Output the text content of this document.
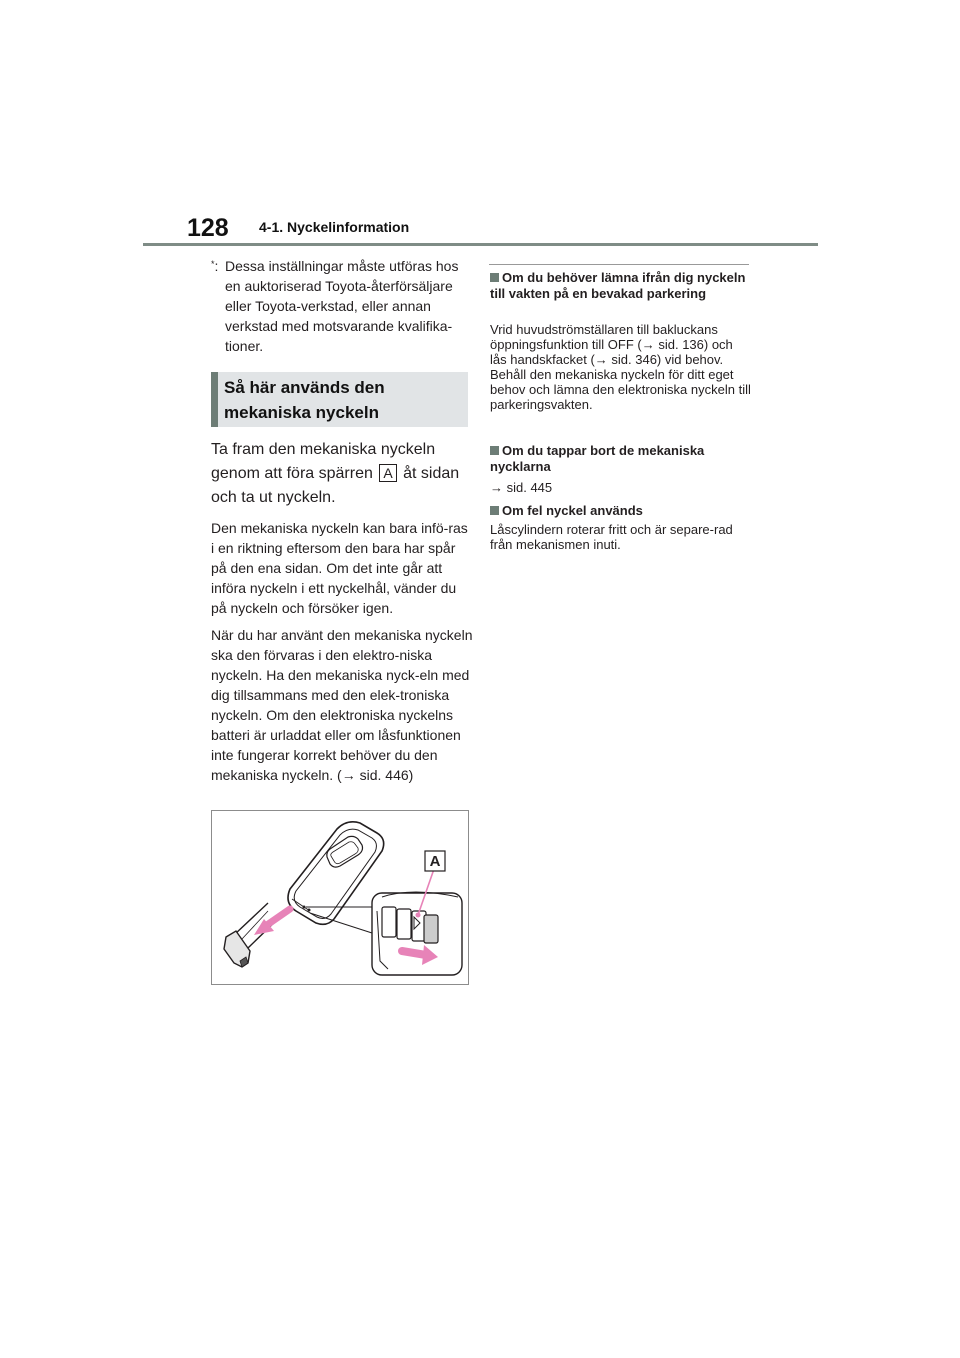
128 4-1. Nyckelinformation
*: Dessa inställningar måste utföras hos en auktoriserad Toyota-återförsäljare eller Toyota-verkstad, eller annan verkstad med motsvarande kvalifika-tioner.
Så här används den mekaniska nyckeln
Ta fram den mekaniska nyckeln genom att föra spärren A åt sidan och ta ut nyckeln.
Den mekaniska nyckeln kan bara infö-ras i en riktning eftersom den bara har spår på den ena sidan. Om det inte går att införa nyckeln i ett nyckelhål, vänder du på nyckeln och försöker igen.
När du har använt den mekaniska nyckeln ska den förvaras i den elektro-niska nyckeln. Ha den mekaniska nyck-eln med dig tillsammans med den elek-troniska nyckeln. Om den elektroniska nyckelns batteri är urladdat eller om låsfunktionen inte fungerar korrekt behöver du den mekaniska nyckeln. (→ sid. 446)
A
Om du behöver lämna ifrån dig nyckeln till vakten på en bevakad parkering
Vrid huvudströmställaren till bakluckans öppningsfunktion till OFF (→ sid. 136) och lås handskfacket (→ sid. 346) vid behov. Behåll den mekaniska nyckeln för ditt eget behov och lämna den elektroniska nyckeln till parkeringsvakten.
Om du tappar bort de mekaniska nycklarna
→ sid. 445
Om fel nyckel används
Låscylindern roterar fritt och är separe-rad från mekanismen inuti.
